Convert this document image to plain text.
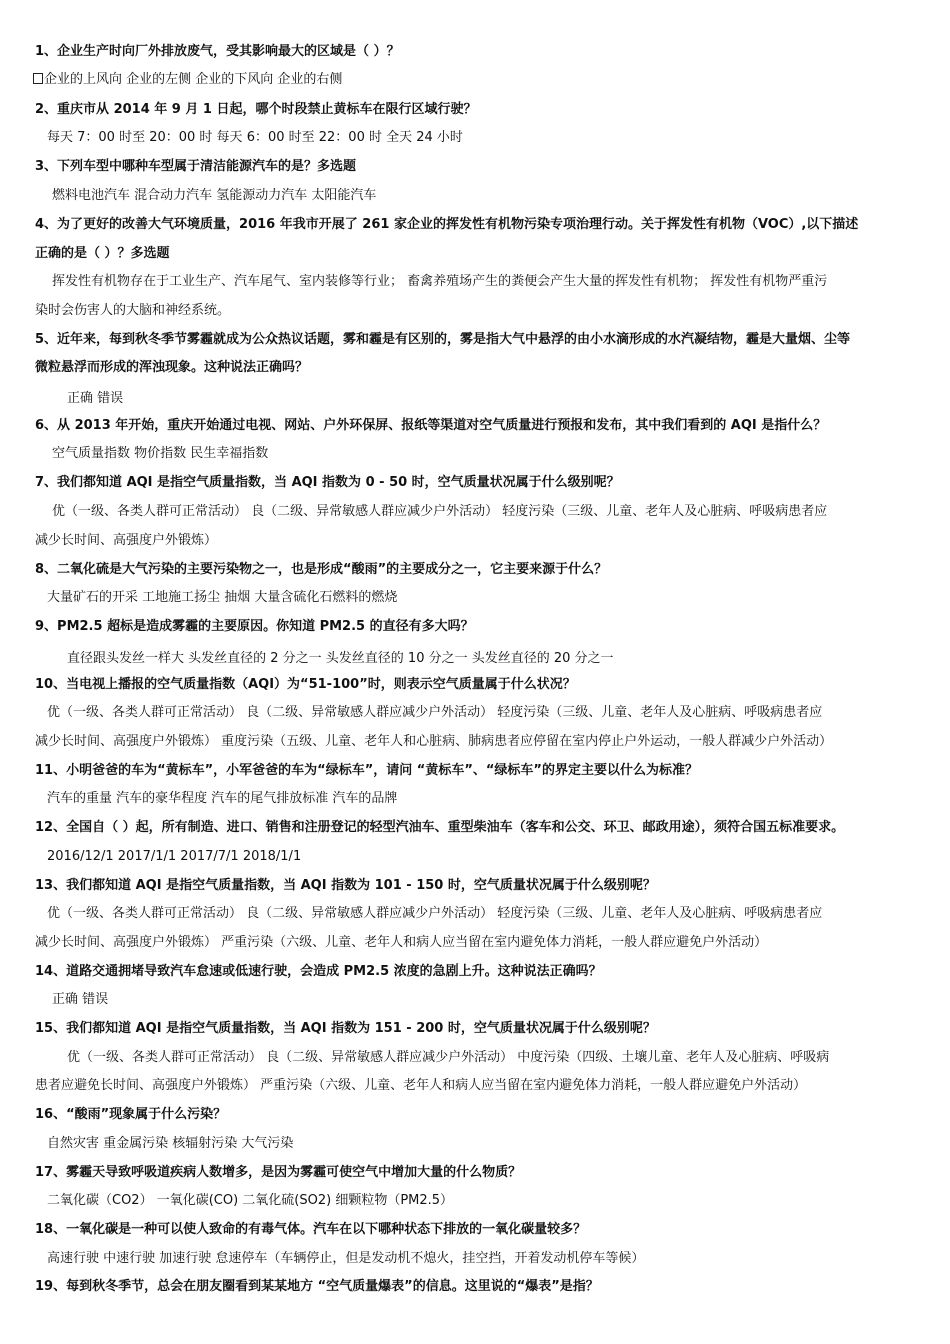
1、企业生产时向厂外排放废气，受其影响最大的区域是（ ）？
企业的上风向 企业的左侧 企业的下风向 企业的右侧
2、重庆市从 2014 年 9 月 1 日起，哪个时段禁止黄标车在限行区域行驶？
每天 7：00 时至 20：00 时 每天 6：00 时至 22：00 时 全天 24 小时
3、下列车型中哪种车型属于清洁能源汽车的是？多选题
燃料电池汽车 混合动力汽车 氢能源动力汽车 太阳能汽车
4、为了更好的改善大气环境质量，2016 年我市开展了 261 家企业的挥发性有机物污染专项治理行动。关于挥发性有机物（VOC）,以下描述
正确的是（ ）？多选题
挥发性有机物存在于工业生产、汽车尾气、室内装修等行业； 畜禽养殖场产生的粪便会产生大量的挥发性有机物； 挥发性有机物严重污
染时会伤害人的大脑和神经系统。
5、近年来，每到秋冬季节雾霾就成为公众热议话题，雾和霾是有区别的，雾是指大气中悬浮的由小水滴形成的水汽凝结物，霾是大量烟、尘等
微粒悬浮而形成的浑浊现象。这种说法正确吗？
正确 错误
6、从 2013 年开始，重庆开始通过电视、网站、户外环保屏、报纸等渠道对空气质量进行预报和发布，其中我们看到的 AQI 是指什么？
空气质量指数 物价指数 民生幸福指数
7、我们都知道 AQI 是指空气质量指数，当 AQI 指数为 0 - 50 时，空气质量状况属于什么级别呢？
优（一级、各类人群可正常活动） 良（二级、异常敏感人群应减少户外活动） 轻度污染（三级、儿童、老年人及心脏病、呼吸病患者应
减少长时间、高强度户外锻炼）
8、二氧化硫是大气污染的主要污染物之一，也是形成“酸雨”的主要成分之一，它主要来源于什么？
大量矿石的开采 工地施工扬尘 抽烟 大量含硫化石燃料的燃烧
9、PM2.5 超标是造成雾霾的主要原因。你知道 PM2.5 的直径有多大吗？
直径跟头发丝一样大 头发丝直径的 2 分之一 头发丝直径的 10 分之一 头发丝直径的 20 分之一
10、当电视上播报的空气质量指数（AQI）为“51-100”时，则表示空气质量属于什么状况？
优（一级、各类人群可正常活动） 良（二级、异常敏感人群应减少户外活动） 轻度污染（三级、儿童、老年人及心脏病、呼吸病患者应
减少长时间、高强度户外锻炼） 重度污染（五级、儿童、老年人和心脏病、肺病患者应停留在室内停止户外运动，一般人群减少户外活动）
11、小明爸爸的车为“黄标车”，小军爸爸的车为“绿标车”，请问 “黄标车”、“绿标车”的界定主要以什么为标准？
汽车的重量 汽车的豪华程度 汽车的尾气排放标准 汽车的品牌
12、全国自（ ）起，所有制造、进口、销售和注册登记的轻型汽油车、重型柴油车（客车和公交、环卫、邮政用途），须符合国五标准要求。
2016/12/1 2017/1/1 2017/7/1 2018/1/1
13、我们都知道 AQI 是指空气质量指数，当 AQI 指数为 101 - 150 时，空气质量状况属于什么级别呢？
优（一级、各类人群可正常活动） 良（二级、异常敏感人群应减少户外活动） 轻度污染（三级、儿童、老年人及心脏病、呼吸病患者应
减少长时间、高强度户外锻炼） 严重污染（六级、儿童、老年人和病人应当留在室内避免体力消耗，一般人群应避免户外活动）
14、道路交通拥堵导致汽车怠速或低速行驶，会造成 PM2.5 浓度的急剧上升。这种说法正确吗？
正确 错误
15、我们都知道 AQI 是指空气质量指数，当 AQI 指数为 151 - 200 时，空气质量状况属于什么级别呢？
优（一级、各类人群可正常活动） 良（二级、异常敏感人群应减少户外活动） 中度污染（四级、土壤儿童、老年人及心脏病、呼吸病
患者应避免长时间、高强度户外锻炼） 严重污染（六级、儿童、老年人和病人应当留在室内避免体力消耗，一般人群应避免户外活动）
16、“酸雨”现象属于什么污染？
自然灾害 重金属污染 核辐射污染 大气污染
17、雾霾天导致呼吸道疾病人数增多，是因为雾霾可使空气中增加大量的什么物质？
二氧化碳（CO2） 一氧化碳(CO) 二氧化硫(SO2) 细颗粒物（PM2.5）
18、一氧化碳是一种可以使人致命的有毒气体。汽车在以下哪种状态下排放的一氧化碳量较多？
高速行驶 中速行驶 加速行驶 怠速停车（车辆停止，但是发动机不熄火，挂空挡，开着发动机停车等候）
19、每到秋冬季节，总会在朋友圈看到某某地方 “空气质量爆表”的信息。这里说的“爆表”是指？
